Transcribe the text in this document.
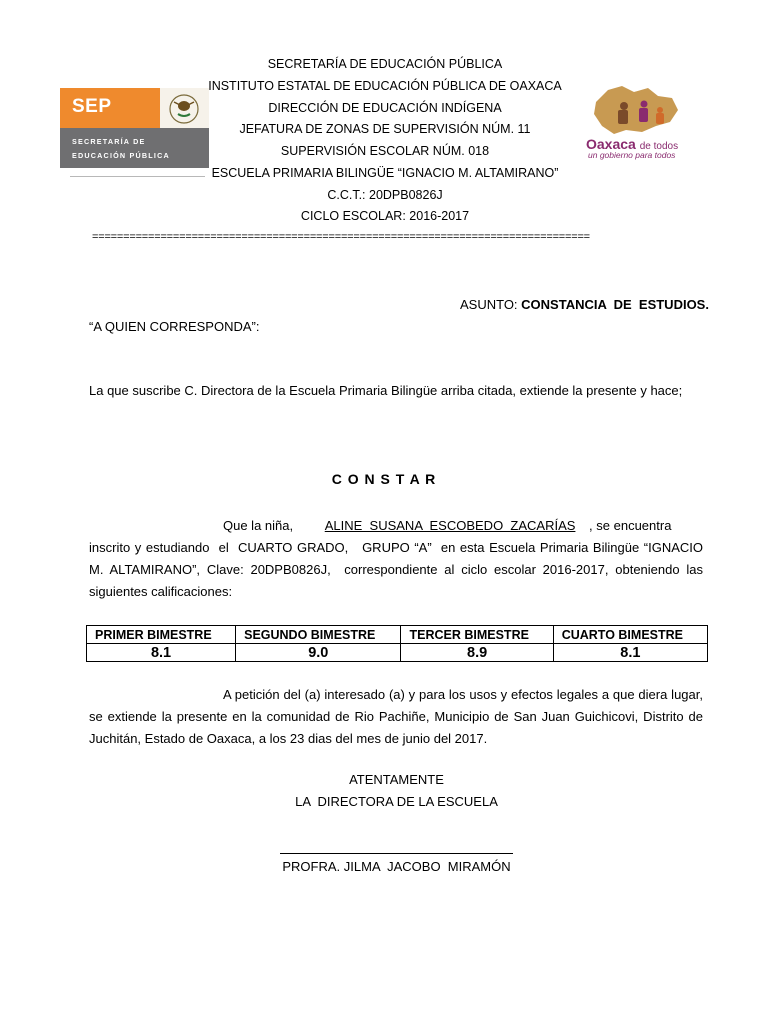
SEP
SECRETARÍA DE
EDUCACIÓN PÚBLICA
Oaxaca de todos
un gobierno para todos
SECRETARÍA DE EDUCACIÓN PÚBLICA
INSTITUTO ESTATAL DE EDUCACIÓN PÚBLICA DE OAXACA
DIRECCIÓN DE EDUCACIÓN INDÍGENA
JEFATURA DE ZONAS DE SUPERVISIÓN NÚM. 11
SUPERVISIÓN ESCOLAR NÚM. 018
ESCUELA PRIMARIA BILINGÜE “IGNACIO M. ALTAMIRANO”
C.C.T.: 20DPB0826J
CICLO ESCOLAR: 2016-2017
================================================================================
ASUNTO: CONSTANCIA  DE  ESTUDIOS.
“A QUIEN CORRESPONDA”:
La que suscribe C. Directora de la Escuela Primaria Bilingüe arriba citada, extiende la presente y hace;
C O N S T A R
Que la niña, ALINE  SUSANA  ESCOBEDO  ZACARÍAS , se encuentra
inscrito y estudiando  el  CUARTO GRADO,   GRUPO “A”  en esta Escuela Primaria Bilingüe “IGNACIO M. ALTAMIRANO”, Clave: 20DPB0826J,  correspondiente al ciclo escolar 2016-2017, obteniendo las siguientes calificaciones:
PRIMER BIMESTRE	SEGUNDO BIMESTRE	TERCER BIMESTRE	CUARTO BIMESTRE
8.1	9.0	8.9	8.1
A petición del (a) interesado (a) y para los usos y efectos legales a que diera lugar, se extiende la presente en la comunidad de Rio Pachiñe, Municipio de San Juan Guichicovi, Distrito de Juchitán, Estado de Oaxaca, a los 23 dias del mes de junio del 2017.
ATENTAMENTE
LA  DIRECTORA DE LA ESCUELA
PROFRA. JILMA  JACOBO  MIRAMÓN
